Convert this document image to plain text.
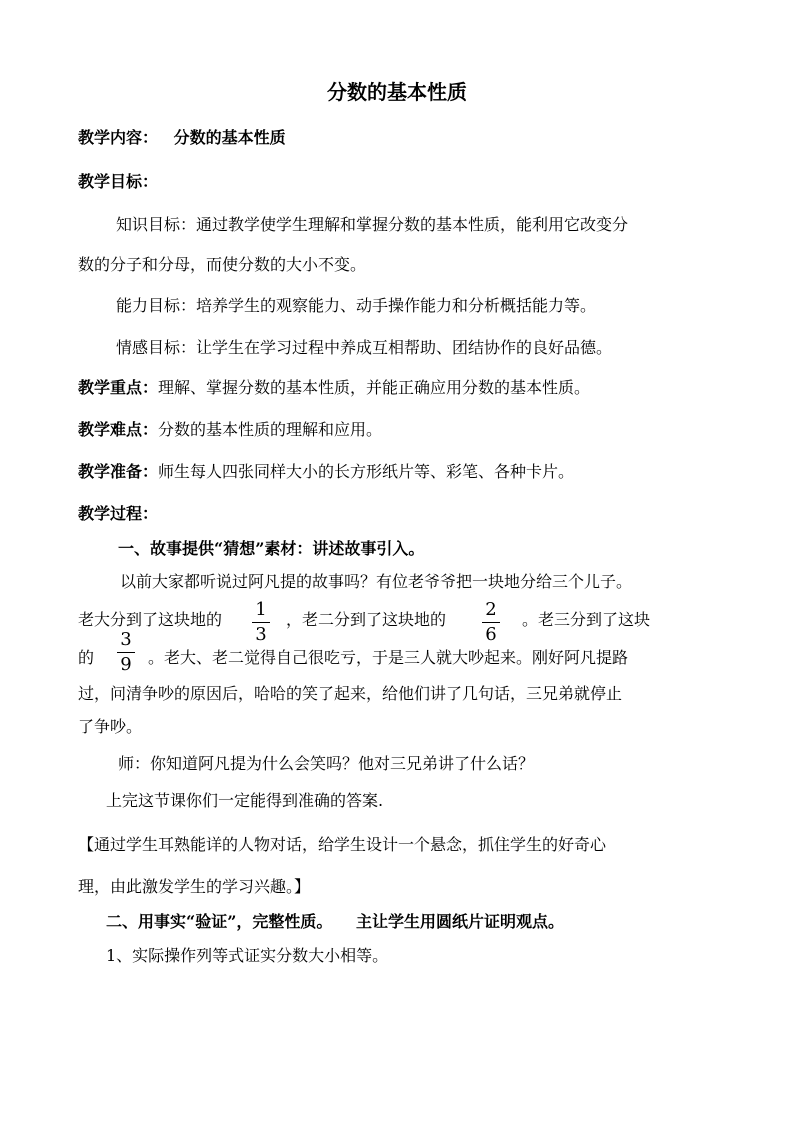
分数的基本性质
教学内容： 分数的基本性质
教学目标：
知识目标：通过教学使学生理解和掌握分数的基本性质，能利用它改变分
数的分子和分母，而使分数的大小不变。
能力目标：培养学生的观察能力、动手操作能力和分析概括能力等。
情感目标：让学生在学习过程中养成互相帮助、团结协作的良好品德。
教学重点：理解、掌握分数的基本性质，并能正确应用分数的基本性质。
教学难点：分数的基本性质的理解和应用。
教学准备：师生每人四张同样大小的长方形纸片等、彩笔、各种卡片。
教学过程：
一、故事提供“猜想”素材：讲述故事引入。
以前大家都听说过阿凡提的故事吗？有位老爷爷把一块地分给三个儿子。
老大分到了这块地的 1
3
，老二分到了这块地的 2
6
。老三分到了这块
的
3
9 。老大、老二觉得自己很吃亏，于是三人就大吵起来。刚好阿凡提路
过，问清争吵的原因后，哈哈的笑了起来，给他们讲了几句话，三兄弟就停止
了争吵。
师：你知道阿凡提为什么会笑吗？他对三兄弟讲了什么话？
上完这节课你们一定能得到准确的答案.
【通过学生耳熟能详的人物对话，给学生设计一个悬念，抓住学生的好奇心
理，由此激发学生的学习兴趣。】
二、用事实“验证”，完整性质。 主让学生用圆纸片证明观点。
1、实际操作列等式证实分数大小相等。
